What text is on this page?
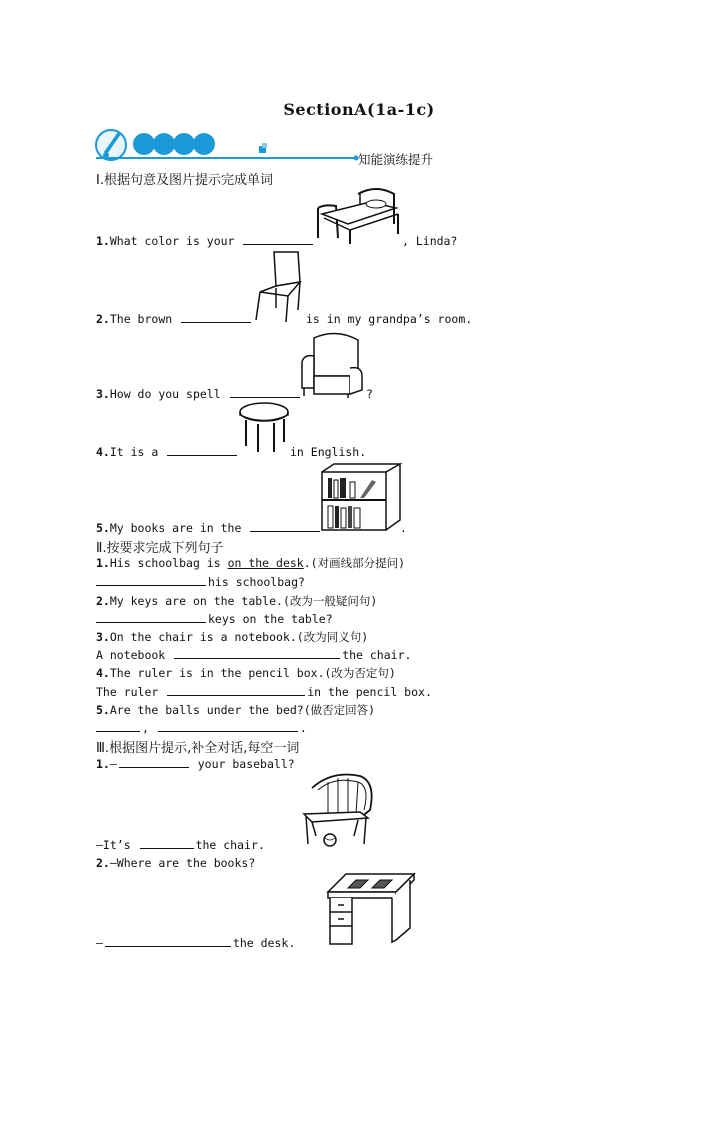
SectionA(1a-1c)
知能演练提升
Ⅰ.根据句意及图片提示完成单词
1.What color is your	, Linda?
2.The brown	is in my grandpa’s room.
3.How do you spell	?
4.It is a	in English.
5.My books are in the	.
Ⅱ.按要求完成下列句子
1.His schoolbag is on the desk.(对画线部分提问)
his schoolbag?
2.My keys are on the table.(改为一般疑问句)
keys on the table?
3.On the chair is a notebook.(改为同义句)
A notebook	the chair.
4.The ruler is in the pencil box.(改为否定句)
The ruler	in the pencil box.
5.Are the balls under the bed?(做否定回答)
,	.
Ⅲ.根据图片提示,补全对话,每空一词
1.—	your baseball?
—It’s	the chair.
2.—Where are the books?
—	the desk.
